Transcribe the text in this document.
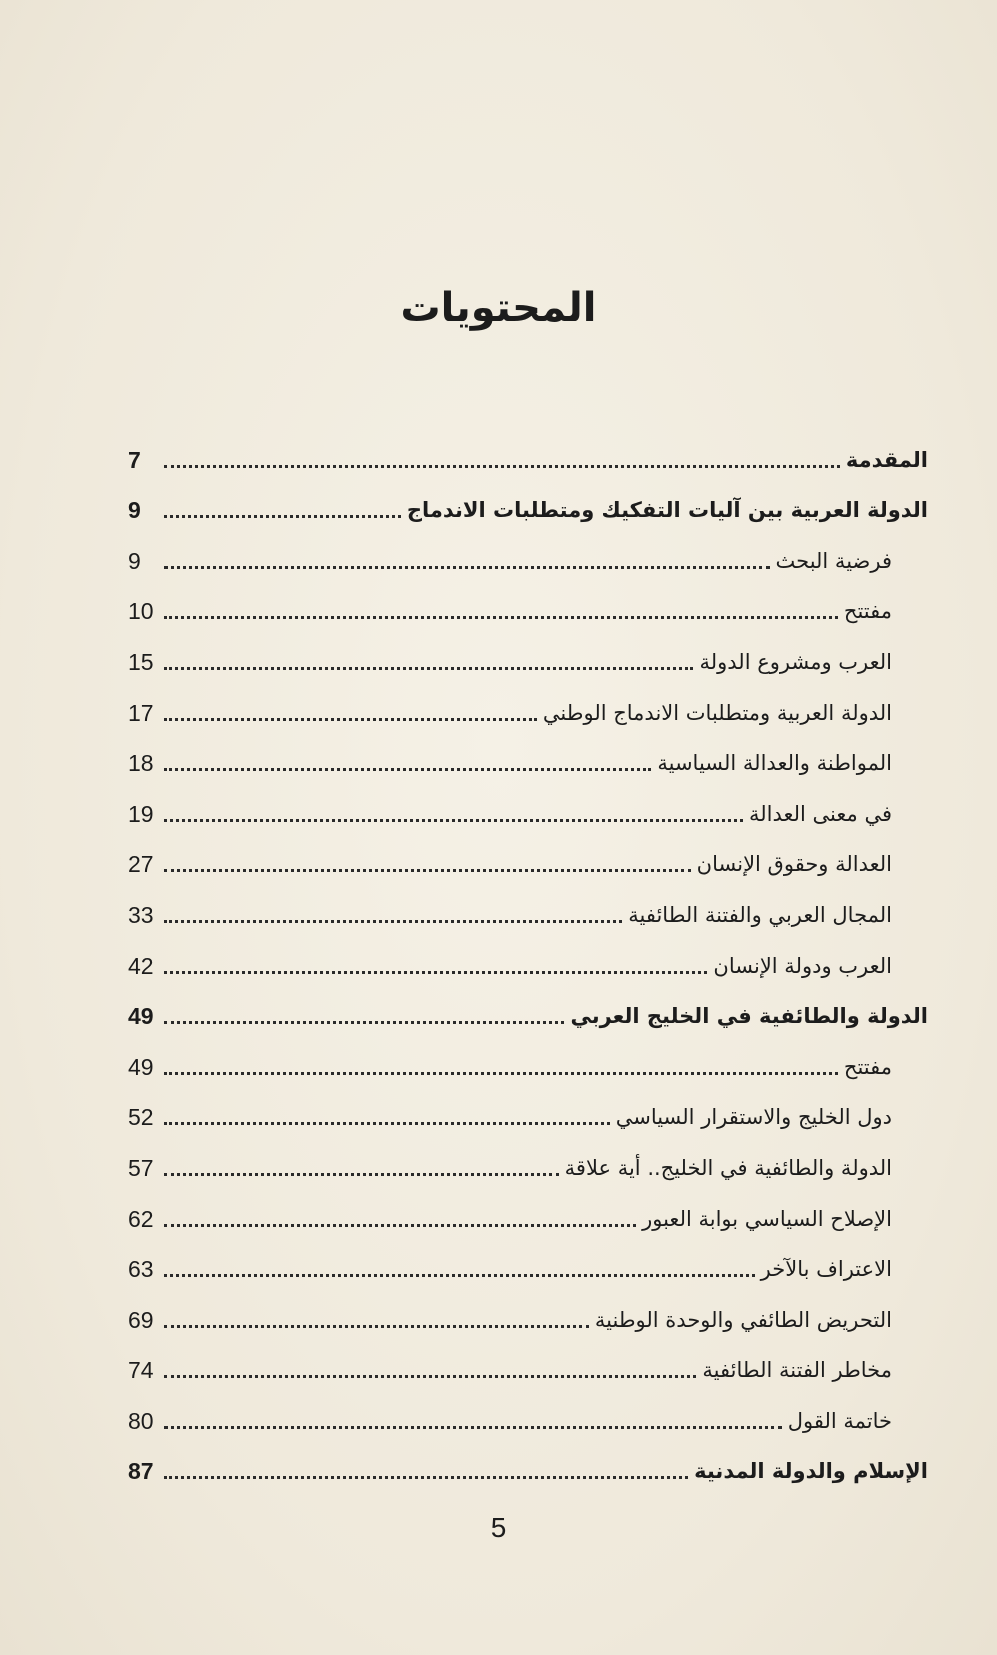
المحتويات
المقدمة
7
الدولة العربية بين آليات التفكيك ومتطلبات الاندماج
9
فرضية البحث
9
مفتتح
10
العرب ومشروع الدولة
15
الدولة العربية ومتطلبات الاندماج الوطني
17
المواطنة والعدالة السياسية
18
في معنى العدالة
19
العدالة وحقوق الإنسان
27
المجال العربي والفتنة الطائفية
33
العرب ودولة الإنسان
42
الدولة والطائفية في الخليج العربي
49
مفتتح
49
دول الخليج والاستقرار السياسي
52
الدولة والطائفية في الخليج.. أية علاقة
57
الإصلاح السياسي بوابة العبور
62
الاعتراف بالآخر
63
التحريض الطائفي والوحدة الوطنية
69
مخاطر الفتنة الطائفية
74
خاتمة القول
80
الإسلام والدولة المدنية
87
5
